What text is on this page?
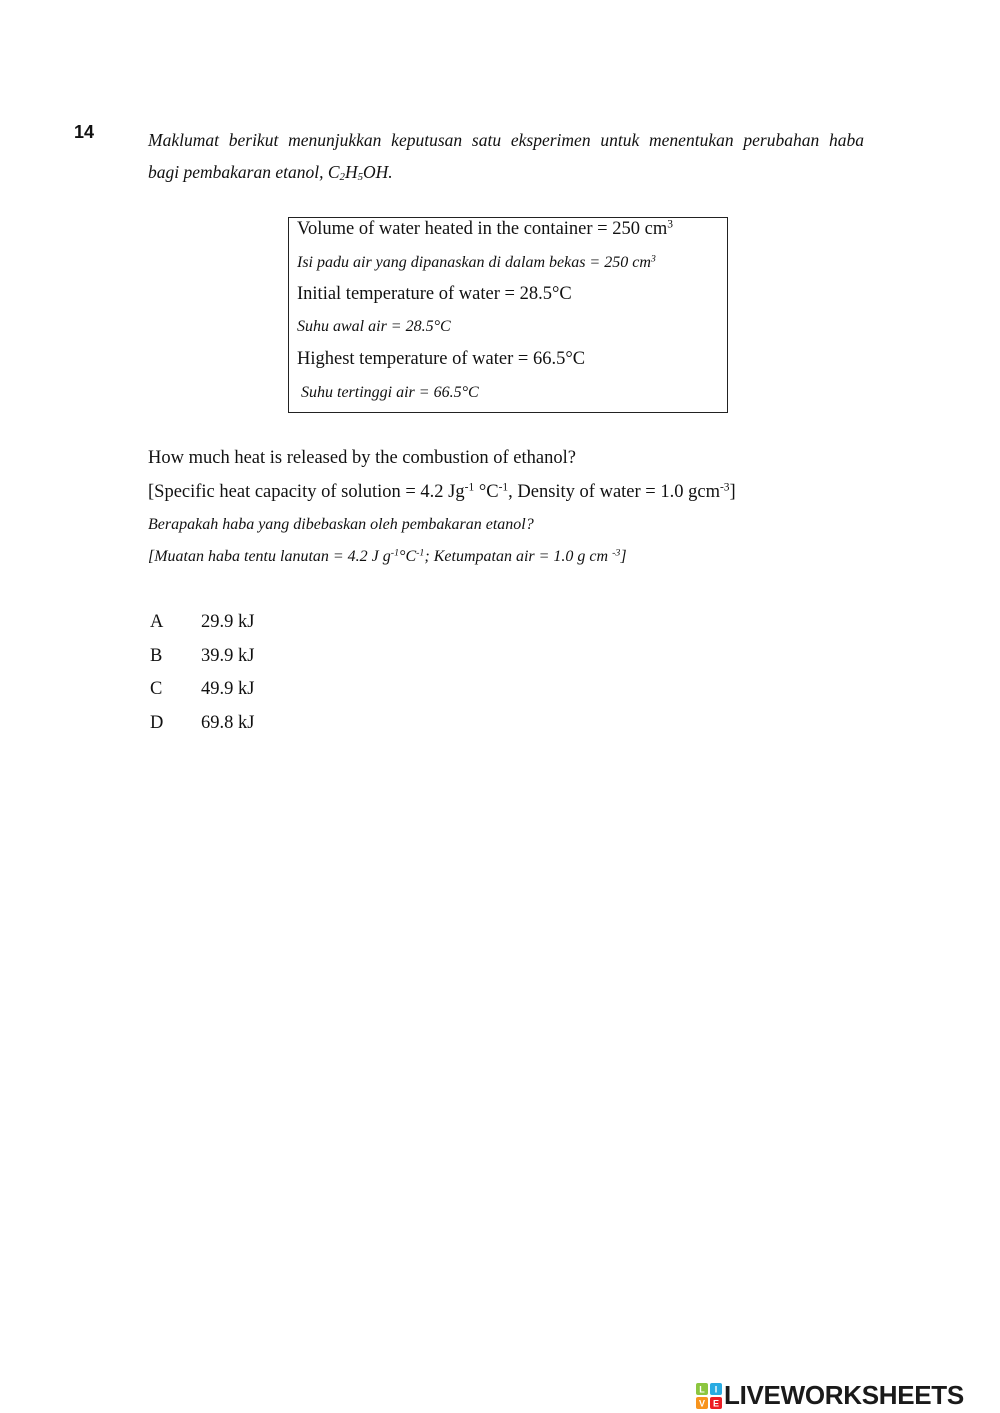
14	Maklumat berikut menunjukkan keputusan satu eksperimen untuk menentukan perubahan haba
bagi pembakaran etanol, $C_2H_5OH$.
Volume of water heated in the container = 250 $cm^3$
Isi padu air yang dipanaskan di dalam bekas = 250 $cm^3$
Initial temperature of water = 28.5°C
Suhu awal air = 28.5°C
Highest temperature of water = 66.5°C
Suhu tertinggi air = 66.5°C
How much heat is released by the combustion of ethanol?
[Specific heat capacity of solution = 4.2 $Jg^{-1}$ $^\circ C^{-1}$, Density of water = 1.0 gcm$^{-3}$]
Berapakah haba yang dibebaskan oleh pembakaran etanol?
[Muatan haba tentu lanutan = 4.2 J $g^{-1}^\circ C^{-1}$; Ketumpatan air = 1.0 g cm $^{-3}$]
A 29.9 kJ
B 39.9 kJ
C 49.9 kJ
D 69.8 kJ
L I
V E LIVEWORKSHEETS
